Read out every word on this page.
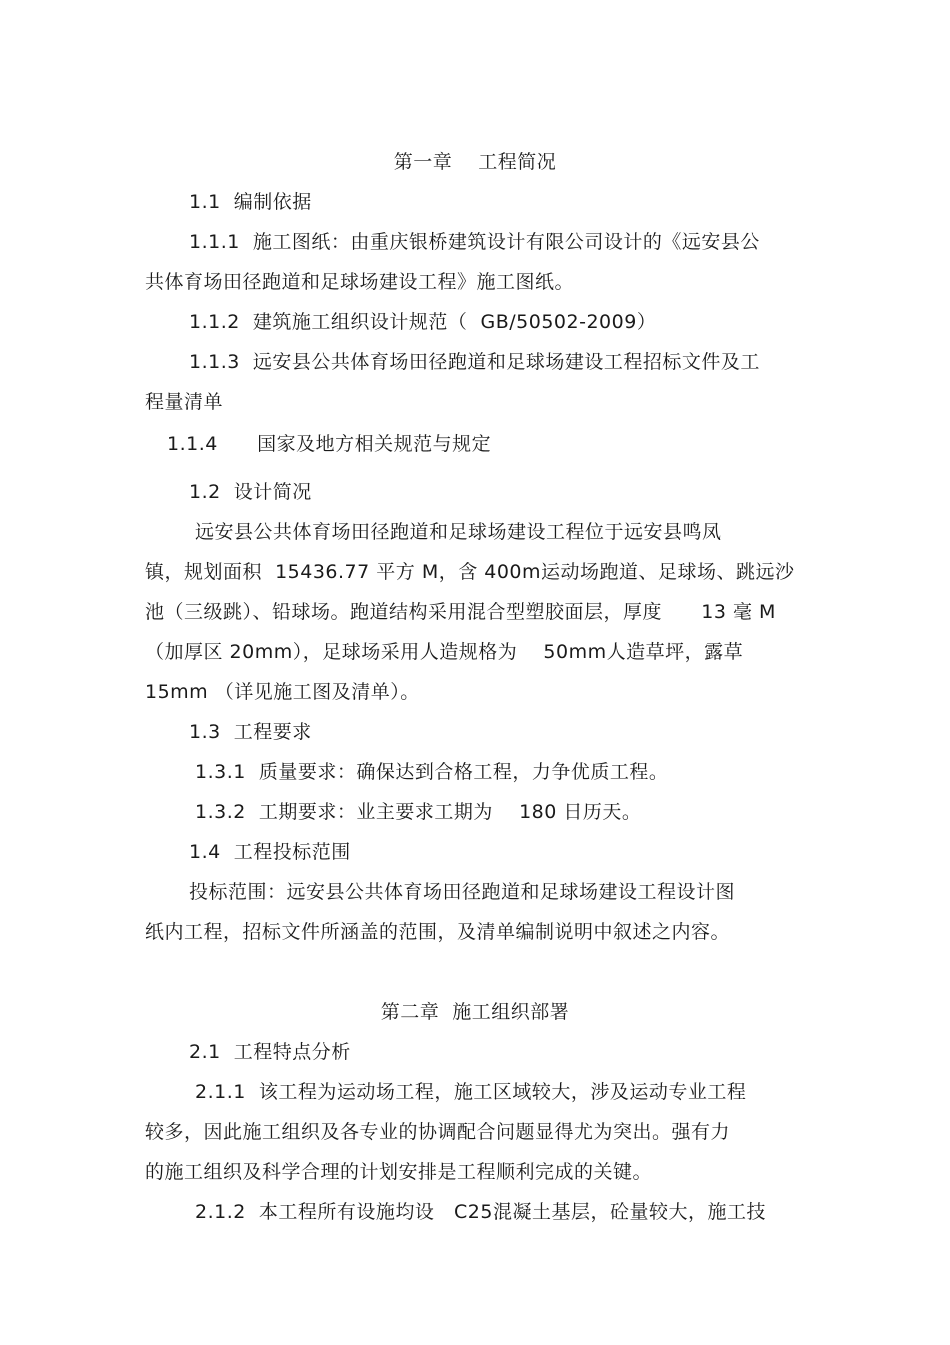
第一章　 工程简况
1.1  编制依据
1.1.1  施工图纸：由重庆银桥建筑设计有限公司设计的《远安县公
共体育场田径跑道和足球场建设工程》施工图纸。
1.1.2  建筑施工组织设计规范（  GB/50502-2009）
1.1.3  远安县公共体育场田径跑道和足球场建设工程招标文件及工
程量清单
1.1.4      国家及地方相关规范与规定
1.2  设计简况
远安县公共体育场田径跑道和足球场建设工程位于远安县鸣凤
镇，规划面积  15436.77 平方 M，含 400m运动场跑道、足球场、跳远沙
池（三级跳）、铅球场。跑道结构采用混合型塑胶面层，厚度      13 毫 M
（加厚区 20mm），足球场采用人造规格为    50mm人造草坪，露草
15mm （详见施工图及清单）。
1.3  工程要求
1.3.1  质量要求：确保达到合格工程，力争优质工程。
1.3.2  工期要求：业主要求工期为    180 日历天。
1.4  工程投标范围
投标范围：远安县公共体育场田径跑道和足球场建设工程设计图
纸内工程，招标文件所涵盖的范围，及清单编制说明中叙述之内容。
第二章  施工组织部署
2.1  工程特点分析
2.1.1  该工程为运动场工程，施工区域较大，涉及运动专业工程
较多，因此施工组织及各专业的协调配合问题显得尤为突出。强有力
的施工组织及科学合理的计划安排是工程顺利完成的关键。
2.1.2  本工程所有设施均设   C25混凝土基层，砼量较大，施工技
